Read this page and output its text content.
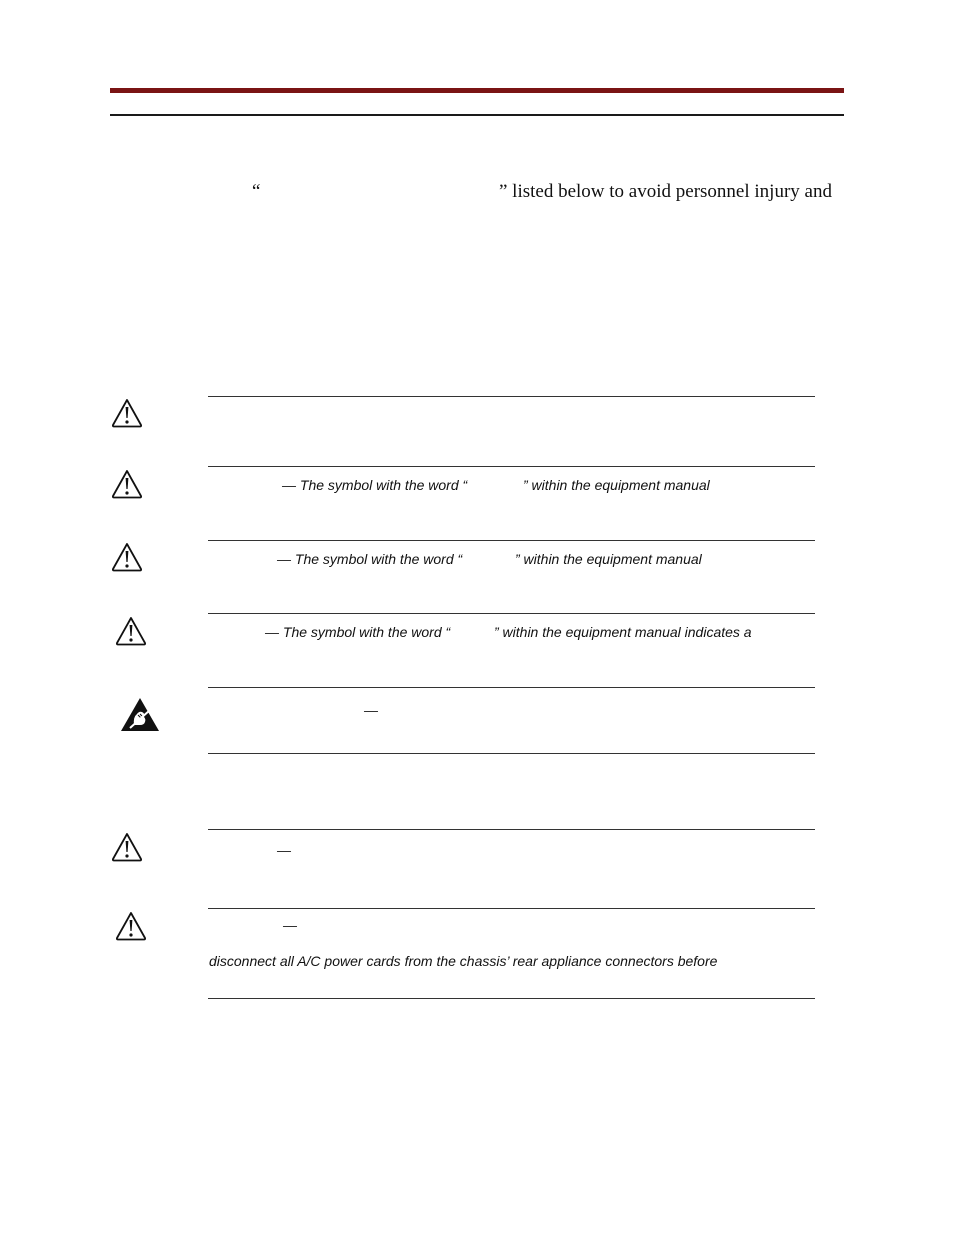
“	” listed below to avoid personnel injury and
— The symbol with the word “	” within the equipment manual
— The symbol with the word “	” within the equipment manual
— The symbol with the word “	” within the equipment manual indicates a
—
—
—
disconnect all A/C power cards from the chassis’ rear appliance connectors before
